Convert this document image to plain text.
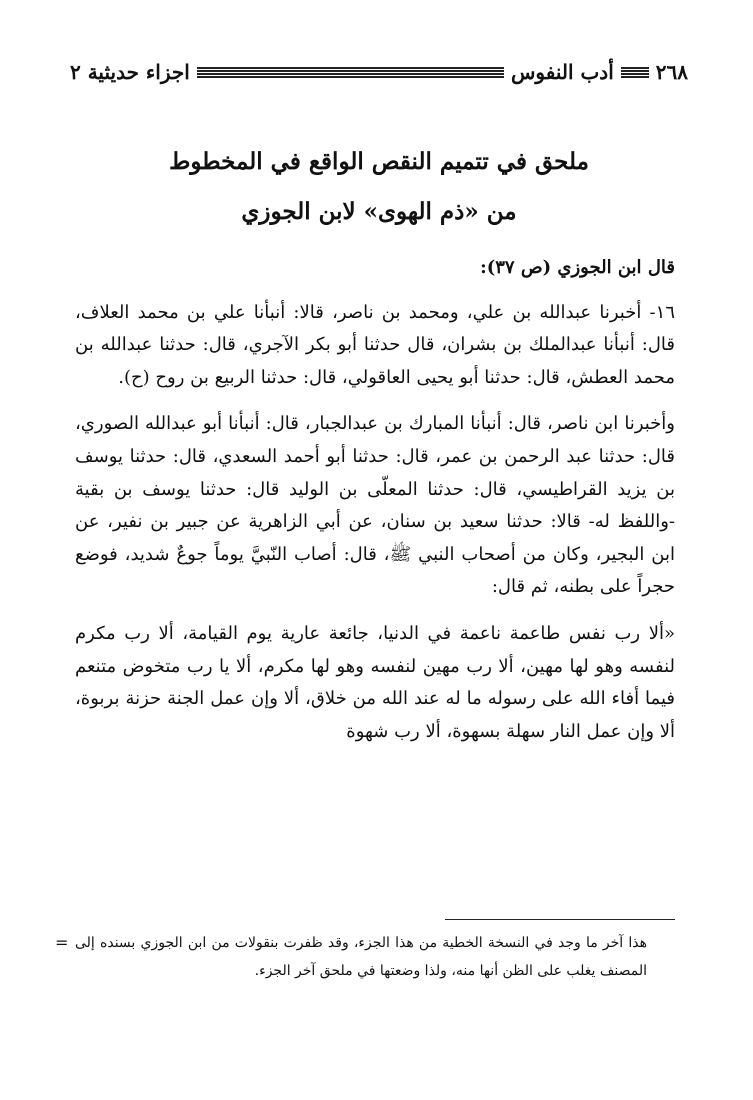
٢٦٨
أدب النفوس
اجزاء حديثية ٢
ملحق في تتميم النقص الواقع في المخطوط
من «ذم الهوى» لابن الجوزي

قال ابن الجوزي (ص ٣٧):

١٦- أخبرنا عبدالله بن علي، ومحمد بن ناصر، قالا: أنبأنا علي بن محمد العلاف، قال: أنبأنا عبدالملك بن بشران، قال حدثنا أبو بكر الآجري، قال: حدثنا عبدالله بن محمد العطش، قال: حدثنا أبو يحيى العاقولي، قال: حدثنا الربيع بن روح (ح).

وأخبرنا ابن ناصر، قال: أنبأنا المبارك بن عبدالجبار، قال: أنبأنا أبو عبدالله الصوري، قال: حدثنا عبد الرحمن بن عمر، قال: حدثنا أبو أحمد السعدي، قال: حدثنا يوسف بن يزيد القراطيسي، قال: حدثنا المعلّى بن الوليد قال: حدثنا يوسف بن بقية -واللفظ له- قالا: حدثنا سعيد بن سنان، عن أبي الزاهرية عن جبير بن نفير، عن ابن البجير، وكان من أصحاب النبي ﷺ، قال: أصاب النّبيَّ يوماً جوعٌ شديد، فوضع حجراً على بطنه، ثم قال:

«ألا رب نفس طاعمة ناعمة في الدنيا، جائعة عارية يوم القيامة، ألا رب مكرم لنفسه وهو لها مهين، ألا رب مهين لنفسه وهو لها مكرم، ألا يا رب متخوض متنعم فيما أفاء الله على رسوله ما له عند الله من خلاق، ألا وإن عمل الجنة حزنة بربوة، ألا وإن عمل النار سهلة بسهوة، ألا رب شهوة

= هذا آخر ما وجد في النسخة الخطية من هذا الجزء، وقد ظفرت بنقولات من ابن الجوزي بسنده إلى المصنف يغلب على الظن أنها منه، ولذا وضعتها في ملحق آخر الجزء.
